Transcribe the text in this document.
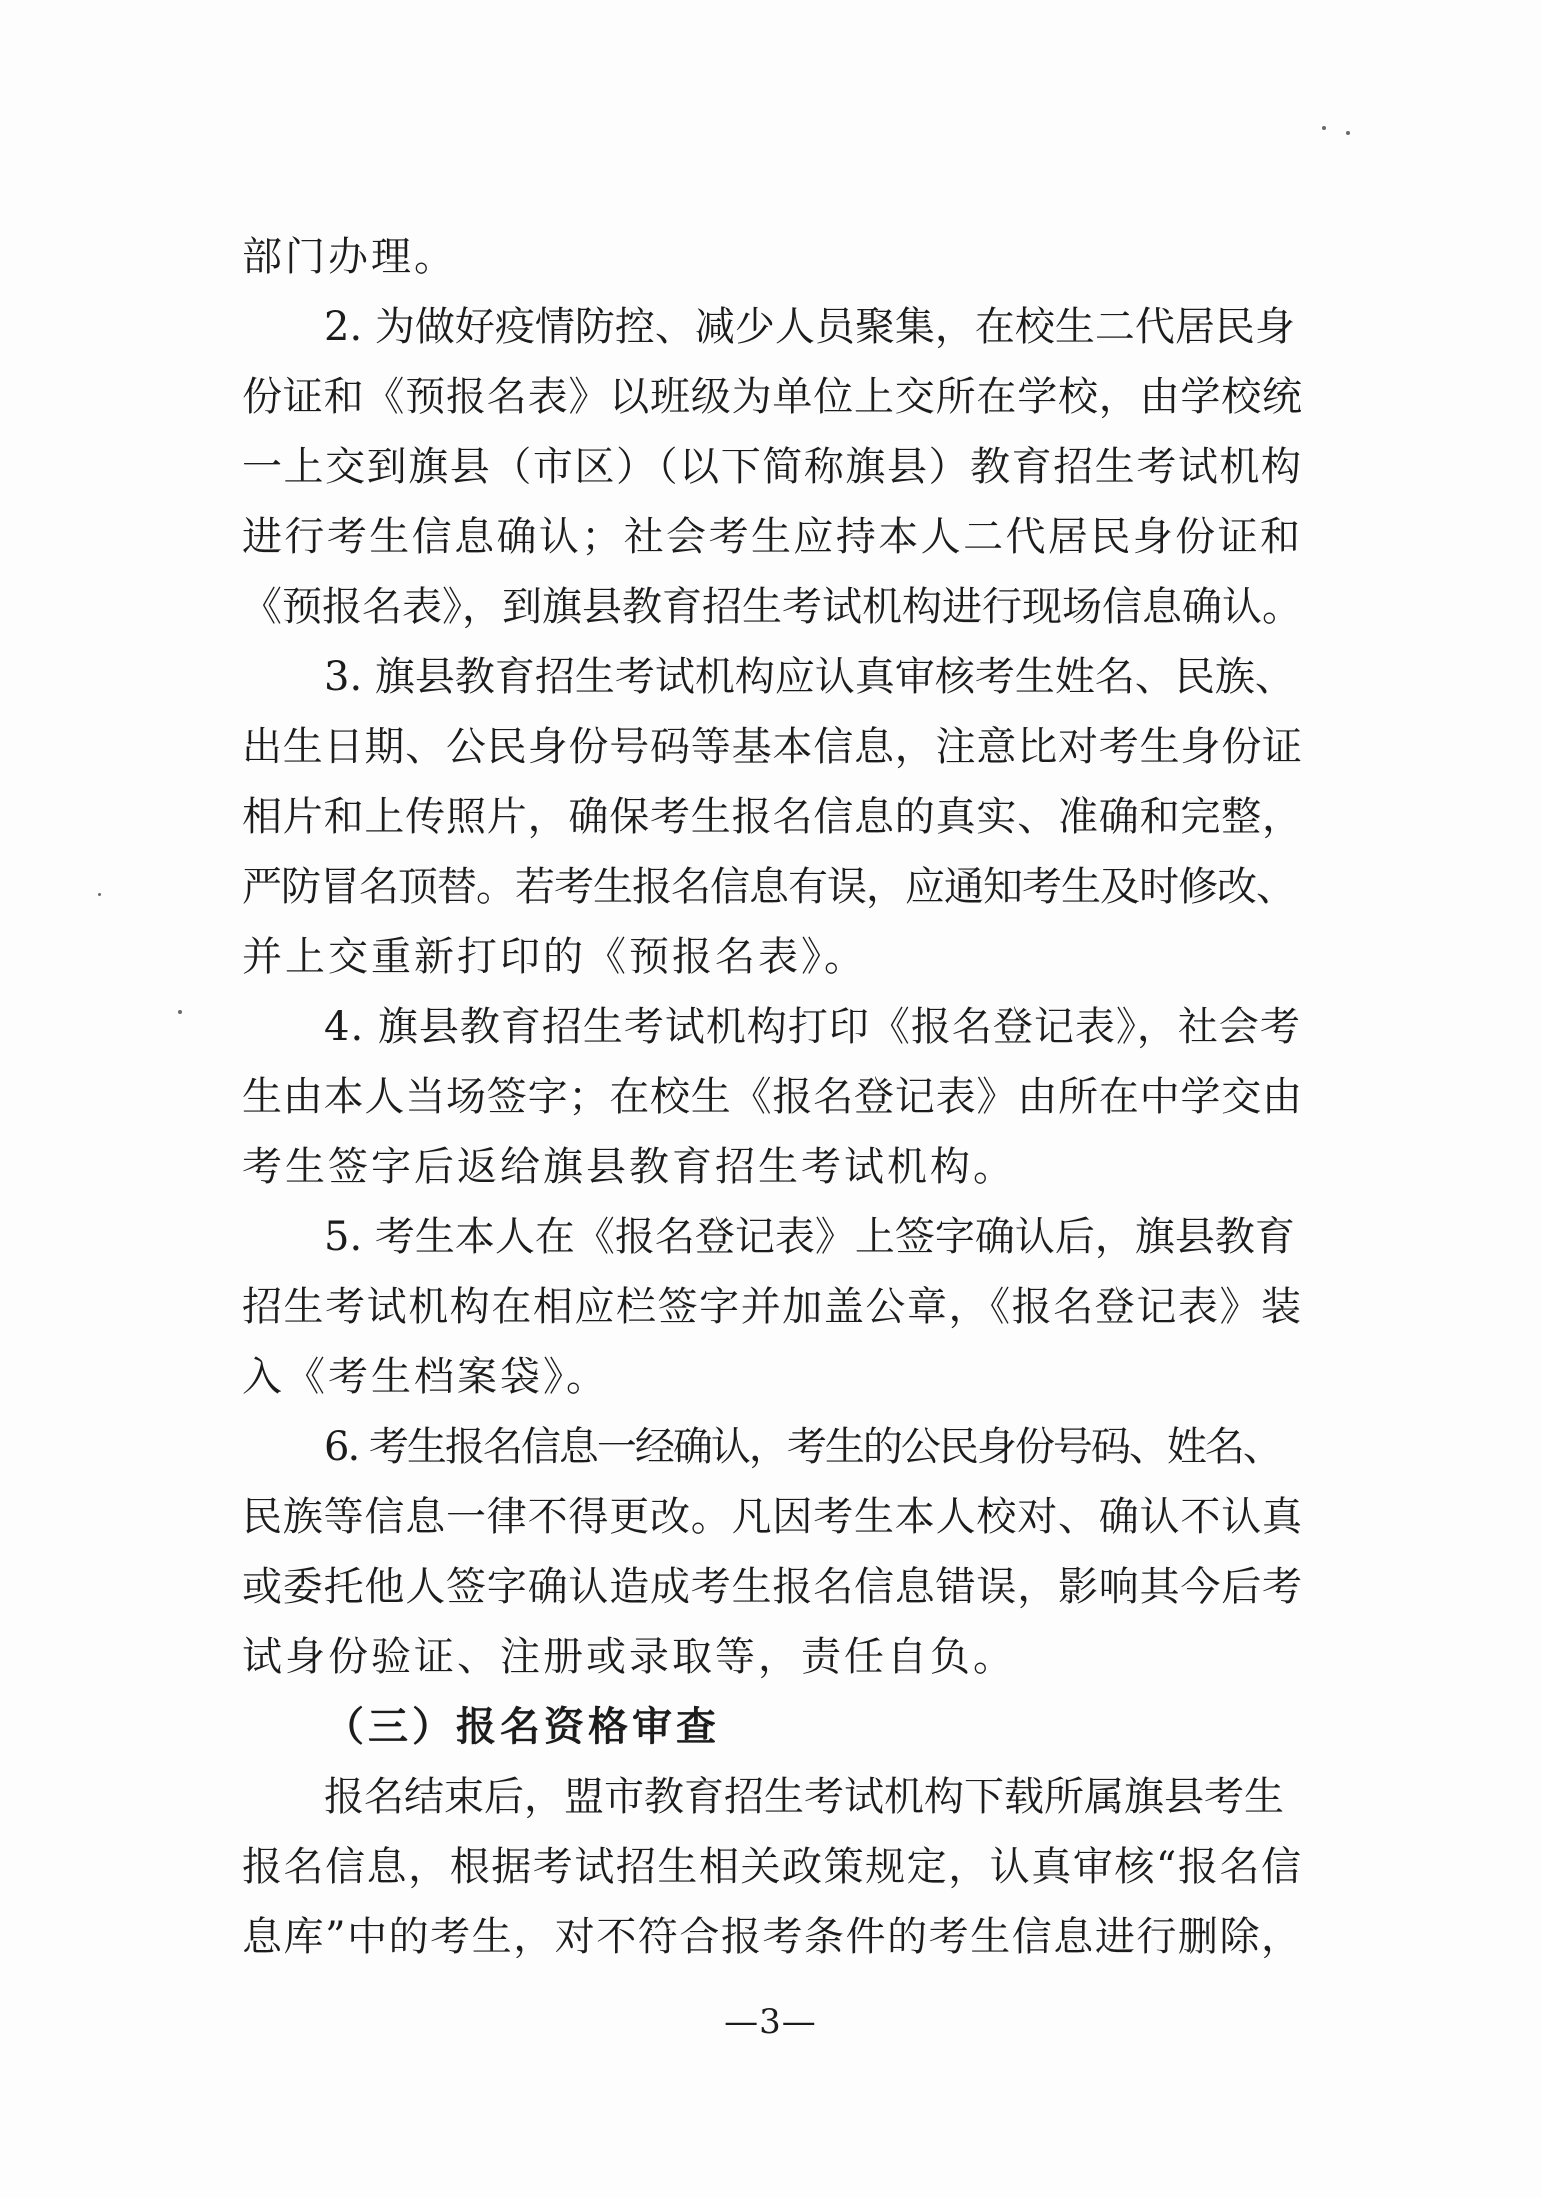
部门办理。
2. 为做好疫情防控、减少人员聚集，在校生二代居民身
份证和《预报名表》以班级为单位上交所在学校，由学校统
一上交到旗县（市区）（以下简称旗县）教育招生考试机构
进行考生信息确认；社会考生应持本人二代居民身份证和
《预报名表》，到旗县教育招生考试机构进行现场信息确认。
3. 旗县教育招生考试机构应认真审核考生姓名、民族、
出生日期、公民身份号码等基本信息，注意比对考生身份证
相片和上传照片，确保考生报名信息的真实、准确和完整，
严防冒名顶替。若考生报名信息有误，应通知考生及时修改、
并上交重新打印的《预报名表》。
4. 旗县教育招生考试机构打印《报名登记表》，社会考
生由本人当场签字；在校生《报名登记表》由所在中学交由
考生签字后返给旗县教育招生考试机构。
5. 考生本人在《报名登记表》上签字确认后，旗县教育
招生考试机构在相应栏签字并加盖公章，《报名登记表》装
入《考生档案袋》。
6. 考生报名信息一经确认，考生的公民身份号码、姓名、
民族等信息一律不得更改。凡因考生本人校对、确认不认真
或委托他人签字确认造成考生报名信息错误，影响其今后考
试身份验证、注册或录取等，责任自负。
（三）报名资格审查
报名结束后，盟市教育招生考试机构下载所属旗县考生
报名信息，根据考试招生相关政策规定，认真审核“报名信
息库”中的考生，对不符合报考条件的考生信息进行删除，
—3—
